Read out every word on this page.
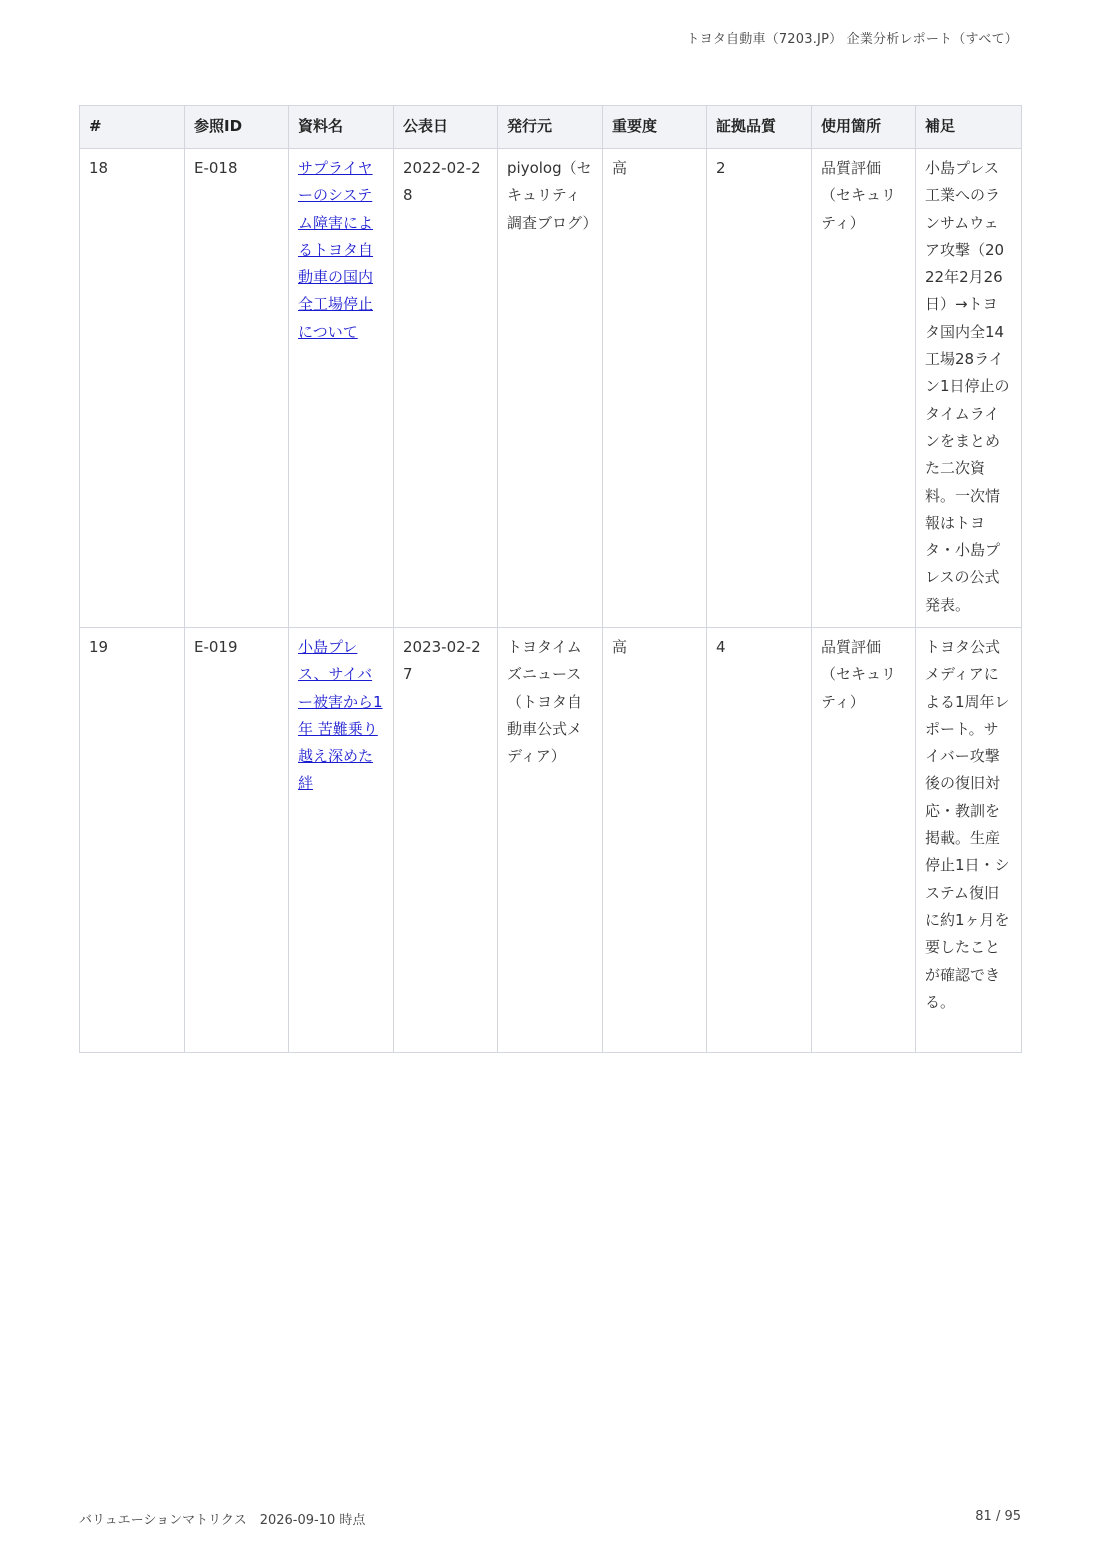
トヨタ自動車（7203.JP） 企業分析レポート（すべて）
#	参照ID	資料名	公表日	発行元	重要度	証拠品質	使用箇所	補足
18	E-018	サプライヤーのシステム障害によるトヨタ自動車の国内全工場停止について	2022-02-28	piyolog（セキュリティ調査ブログ）	高	2	品質評価（セキュリティ）	小島プレス工業へのランサムウェア攻撃（2022年2月26日）→トヨタ国内全14工場28ライン1日停止のタイムラインをまとめた二次資料。一次情報はトヨタ・小島プレスの公式発表。
19	E-019	小島プレス、サイバー被害から1年 苦難乗り越え深めた絆	2023-02-27	トヨタイムズニュース（トヨタ自動車公式メディア）	高	4	品質評価（セキュリティ）	トヨタ公式メディアによる1周年レポート。サイバー攻撃後の復旧対応・教訓を掲載。生産停止1日・システム復旧に約1ヶ月を要したことが確認できる。
バリュエーションマトリクス　2026-09-10 時点	81 / 95
